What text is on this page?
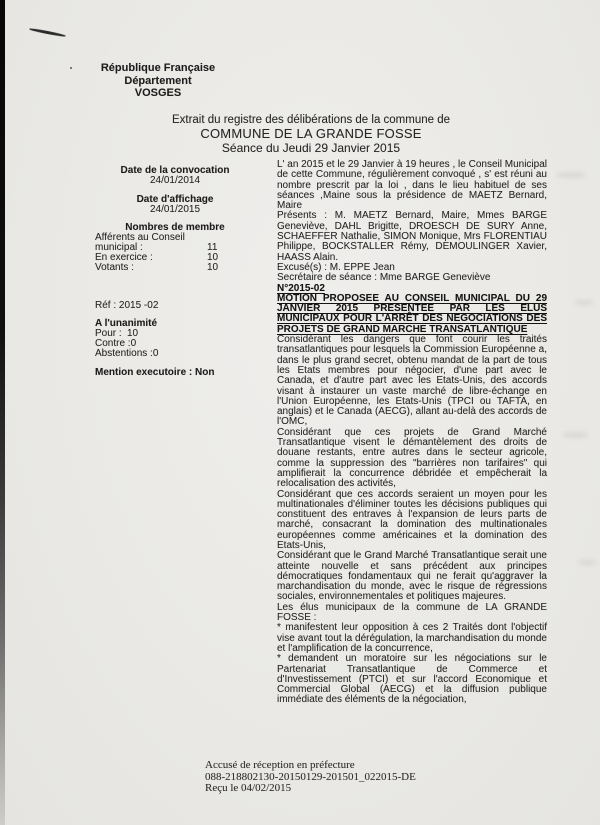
République Française
Département
VOSGES
Extrait du registre des délibérations de la commune de
COMMUNE DE LA GRANDE FOSSE
Séance du Jeudi 29 Janvier 2015
Date de la convocation
24/01/2014
Date d'affichage
24/01/2015
Nombres de membre
Afférents au Conseil
municipal :	11
En exercice :	10
Votants :	10
Réf : 2015 -02
A l'unanimité
Pour : 10
Contre :0
Abstentions :0
Mention executoire : Non

L' an 2015 et le 29 Janvier à 19 heures , le Conseil Municipal de cette Commune, régulièrement convoqué , s' est réuni au nombre prescrit par la loi , dans le lieu habituel de ses séances ,Maine sous la présidence de MAETZ Bernard, Maire

Présents : M. MAETZ Bernard, Maire, Mmes BARGE Geneviève, DAHL Brigitte, DROESCH DE SURY Anne, SCHAEFFER Nathalie, SIMON Monique, Mrs FLORENTIAU Philippe, BOCKSTALLER Rémy, DEMOULINGER Xavier, HAASS Alain.

Excusé(s) : M. EPPE Jean

Secrétaire de séance : Mme BARGE Geneviève

N°2015-02

MOTION PROPOSEE AU CONSEIL MUNICIPAL DU 29 JANVIER 2015 PRESENTEE PAR LES ELUS MUNICIPAUX POUR L'ARRÊT DES NEGOCIATIONS DES PROJETS DE GRAND MARCHE TRANSATLANTIQUE

Considérant les dangers que font courir les traités transatlantiques pour lesquels la Commission Européenne a, dans le plus grand secret, obtenu mandat de la part de tous les Etats membres pour négocier, d'une part avec le Canada, et d'autre part avec les Etats-Unis, des accords visant à instaurer un vaste marché de libre-échange en l'Union Européenne, les Etats-Unis (TPCI ou TAFTA, en anglais) et le Canada (AECG), allant au-delà des accords de l'OMC,

Considérant que ces projets de Grand Marché Transatlantique visent le démantèlement des droits de douane restants, entre autres dans le secteur agricole, comme la suppression des "barrières non tarifaires" qui amplifierait la concurrence débridée et empêcherait la relocalisation des activités,

Considérant que ces accords seraient un moyen pour les multinationales d'éliminer toutes les décisions publiques qui constituent des entraves à l'expansion de leurs parts de marché, consacrant la domination des multinationales européennes comme américaines et la domination des Etats-Unis,

Considérant que le Grand Marché Transatlantique serait une atteinte nouvelle et sans précédent aux principes démocratiques fondamentaux qui ne ferait qu'aggraver la marchandisation du monde, avec le risque de régressions sociales, environnementales et politiques majeures.

Les élus municipaux de la commune de LA GRANDE FOSSE :

* manifestent leur opposition à ces 2 Traités dont l'objectif vise avant tout la dérégulation, la marchandisation du monde et l'amplification de la concurrence,

* demandent un moratoire sur les négociations sur le Partenariat Transatlantique de Commerce et d'Investissement (PTCI) et sur l'accord Economique et Commercial Global (AECG) et la diffusion publique immédiate des éléments de la négociation,

Accusé de réception en préfecture
088-218802130-20150129-201501_022015-DE
Reçu le 04/02/2015
